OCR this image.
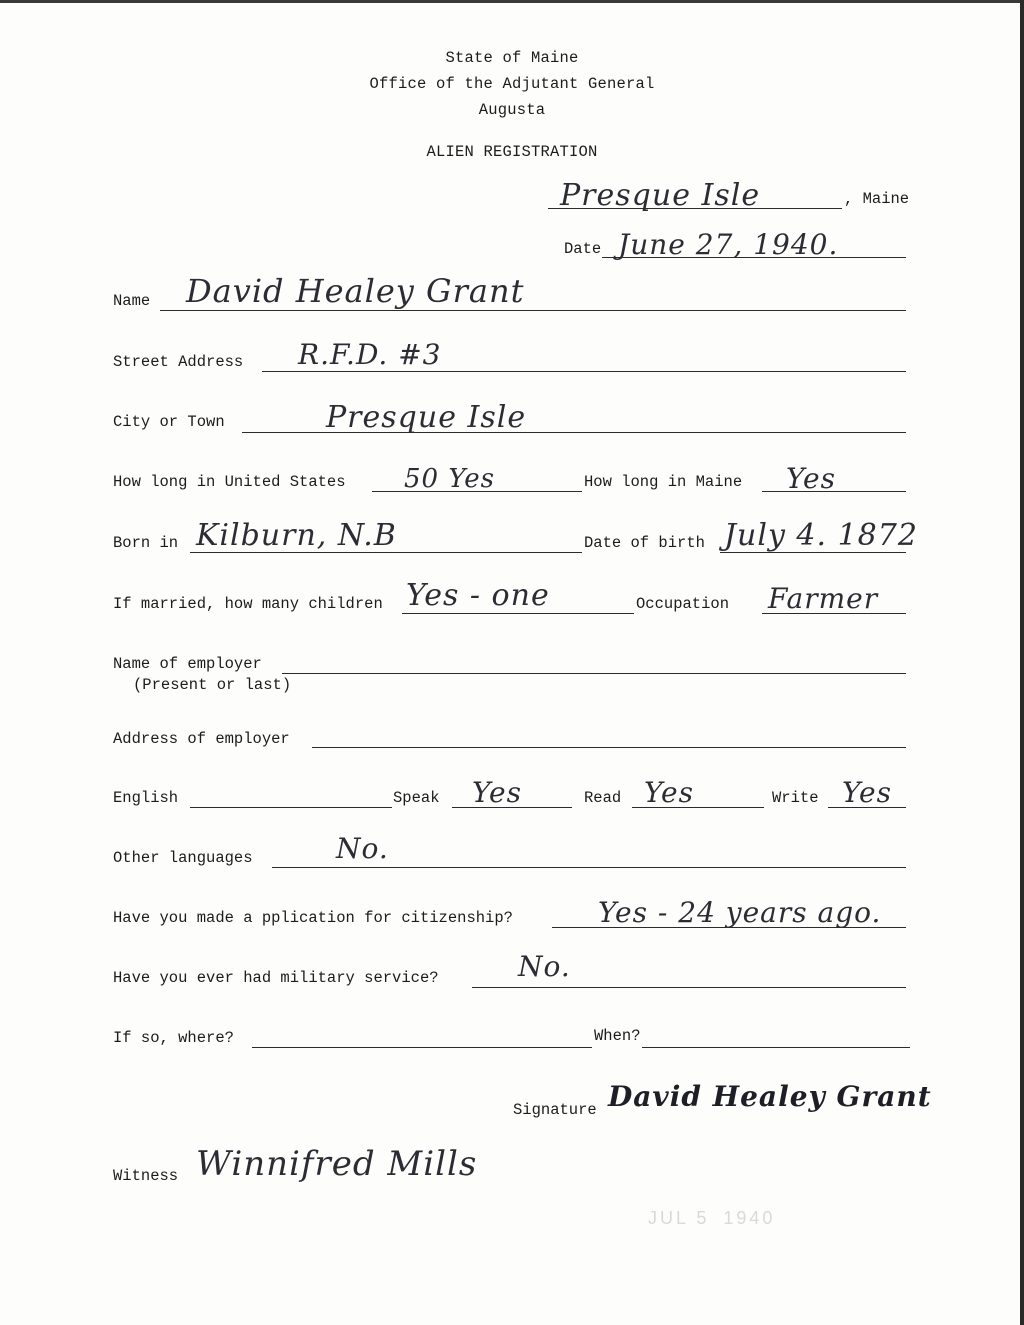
State of Maine
Office of the Adjutant General
Augusta
ALIEN REGISTRATION
Presque Isle	, Maine
Date June 27, 1940.
Name David Healey Grant
Street Address R.F.D. #3
City or Town	Presque Isle
How long in United States 50 Yes	How long in Maine Yes
Born in Kilburn, N.B	Date of birth July 4. 1872
If married, how many children Yes - one	Occupation Farmer
Name of employer
(Present or last)
Address of employer
English	Speak Yes	Read Yes	Write Yes
Other languages	No.
Have you made a pplication for citizenship?	Yes - 24 years ago.
Have you ever had military service?	No.
If so, where?	When?
Signature David Healey Grant
Witness Winnifred Mills
JUL 5 1940
